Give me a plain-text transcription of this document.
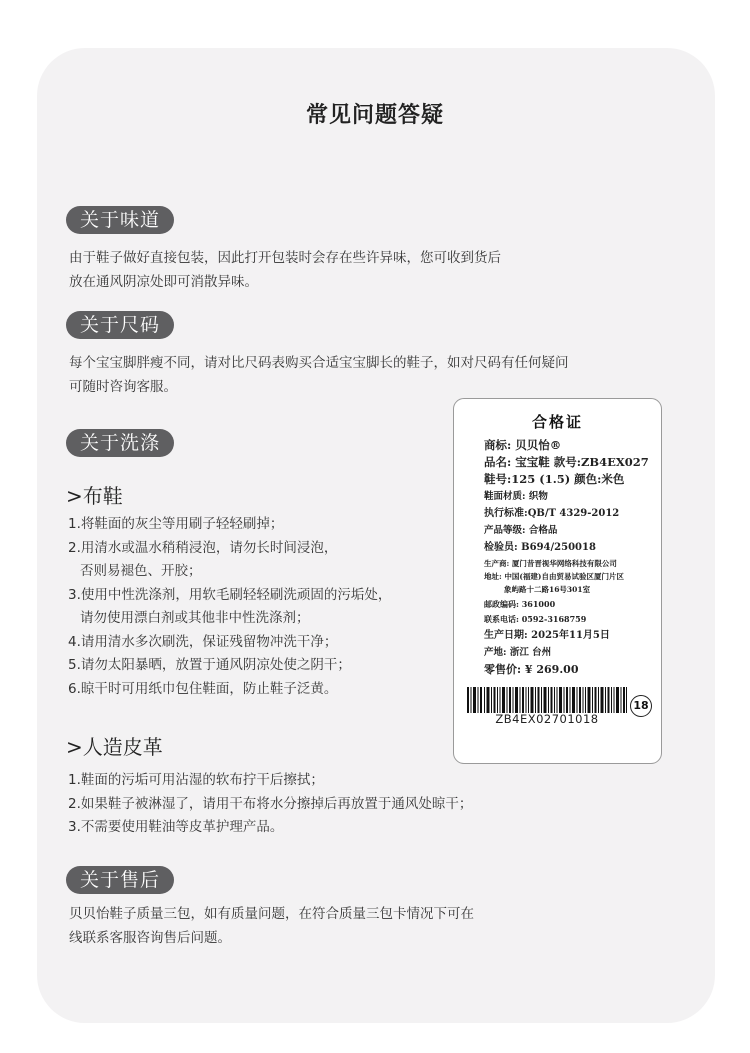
常见问题答疑
关于味道
由于鞋子做好直接包装，因此打开包装时会存在些许异味，您可收到货后
放在通风阴凉处即可消散异味。
关于尺码
每个宝宝脚胖瘦不同，请对比尺码表购买合适宝宝脚长的鞋子，如对尺码有任何疑问
可随时咨询客服。
关于洗涤
>布鞋
1.将鞋面的灰尘等用刷子轻轻刷掉；
2.用清水或温水稍稍浸泡，请勿长时间浸泡，
否则易褪色、开胶；
3.使用中性洗涤剂，用软毛刷轻轻刷洗顽固的污垢处，
请勿使用漂白剂或其他非中性洗涤剂；
4.请用清水多次刷洗，保证残留物冲洗干净；
5.请勿太阳暴晒，放置于通风阴凉处使之阴干；
6.晾干时可用纸巾包住鞋面，防止鞋子泛黄。
>人造皮革
1.鞋面的污垢可用沾湿的软布拧干后擦拭；
2.如果鞋子被淋湿了，请用干布将水分擦掉后再放置于通风处晾干；
3.不需要使用鞋油等皮革护理产品。
关于售后
贝贝怡鞋子质量三包，如有质量问题，在符合质量三包卡情况下可在
线联系客服咨询售后问题。
合格证
商标: 贝贝怡®
品名: 宝宝鞋 款号:ZB4EX027
鞋号:125 (1.5) 颜色:米色
鞋面材质: 织物
执行标准:QB/T 4329-2012
产品等级: 合格品
检验员: B694/250018
生产商: 厦门昔晋视华网络科技有限公司
地址: 中国(福建)自由贸易试验区厦门片区
象屿路十二路16号301室
邮政编码: 361000
联系电话: 0592-3168759
生产日期: 2025年11月5日
产地: 浙江 台州
零售价: ¥ 269.00
ZB4EX02701018
18
